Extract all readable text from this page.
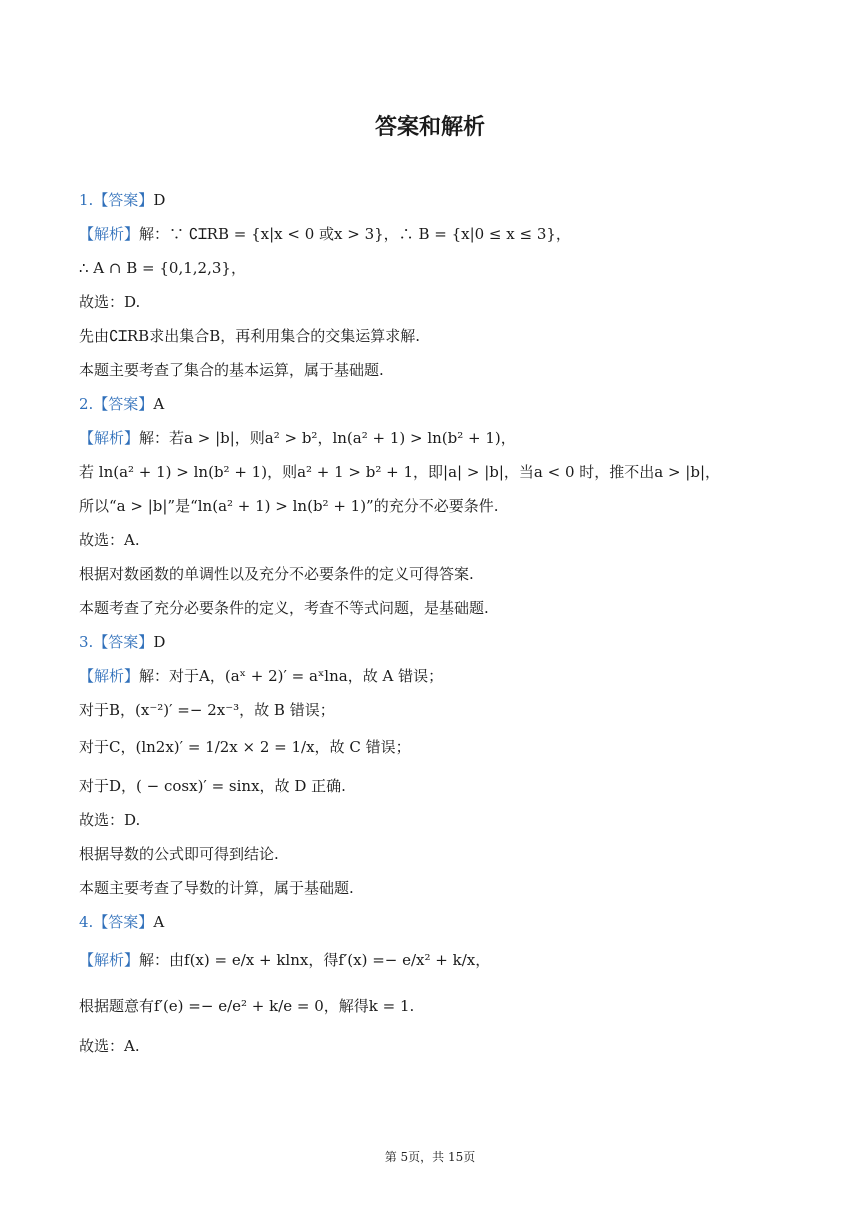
答案和解析
1.【答案】D
【解析】解：∵ ∁ꞮRB = {x|x < 0 或x > 3}，∴ B = {x|0 ≤ x ≤ 3}，
∴ A ∩ B = {0,1,2,3}，
故选：D.
先由∁ꞮRB求出集合B，再利用集合的交集运算求解.
本题主要考查了集合的基本运算，属于基础题.
2.【答案】A
【解析】解：若a > |b|，则a² > b²，ln(a² + 1) > ln(b² + 1)，
若 ln(a² + 1) > ln(b² + 1)，则a² + 1 > b² + 1，即|a| > |b|，当a < 0 时，推不出a > |b|，
所以“a > |b|”是“ln(a² + 1) > ln(b² + 1)”的充分不必要条件.
故选：A.
根据对数函数的单调性以及充分不必要条件的定义可得答案.
本题考查了充分必要条件的定义，考查不等式问题，是基础题.
3.【答案】D
【解析】解：对于A，(aˣ + 2)′ = aˣlna，故 A 错误；
对于B，(x⁻²)′ =− 2x⁻³，故 B 错误；
对于C，(ln2x)′ = 1/2x × 2 = 1/x，故 C 错误；
对于D，( − cosx)′ = sinx，故 D 正确.
故选：D.
根据导数的公式即可得到结论.
本题主要考查了导数的计算，属于基础题.
4.【答案】A
【解析】解：由f(x) = e/x + klnx，得f′(x) =− e/x² + k/x，
根据题意有f′(e) =− e/e² + k/e = 0，解得k = 1.
故选：A.
第 5页，共 15页
